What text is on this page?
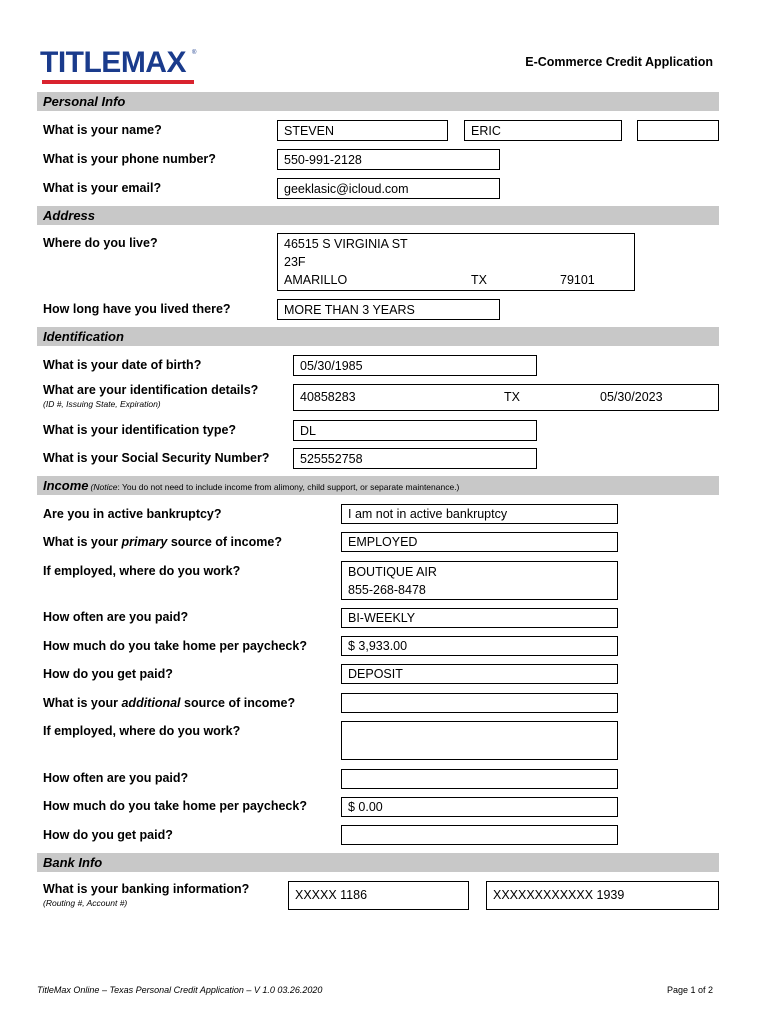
TITLEMAX ®
E-Commerce Credit Application
Personal Info
What is your name?	STEVEN	ERIC
What is your phone number?	550-991-2128
What is your email?	geeklasic@icloud.com
Address
Where do you live?	46515 S VIRGINIA ST
23F
AMARILLO	TX	79101
How long have you lived there?	MORE THAN 3 YEARS
Identification
What is your date of birth?	05/30/1985
What are your identification details?
(ID #, Issuing State, Expiration)	40858283	TX	05/30/2023
What is your identification type?	DL
What is your Social Security Number?	525552758
Income (Notice: You do not need to include income from alimony, child support, or separate maintenance.)
Are you in active bankruptcy?	I am not in active bankruptcy
What is your primary source of income?	EMPLOYED
If employed, where do you work?	BOUTIQUE AIR
855-268-8478
How often are you paid?	BI-WEEKLY
How much do you take home per paycheck?	$ 3,933.00
How do you get paid?	DEPOSIT
What is your additional source of income?
If employed, where do you work?
How often are you paid?
How much do you take home per paycheck?	$ 0.00
How do you get paid?
Bank Info
What is your banking information?
(Routing #, Account #)
XXXXX 1186	XXXXXXXXXXXX 1939
TitleMax Online – Texas Personal Credit Application – V 1.0 03.26.2020	Page 1 of 2
